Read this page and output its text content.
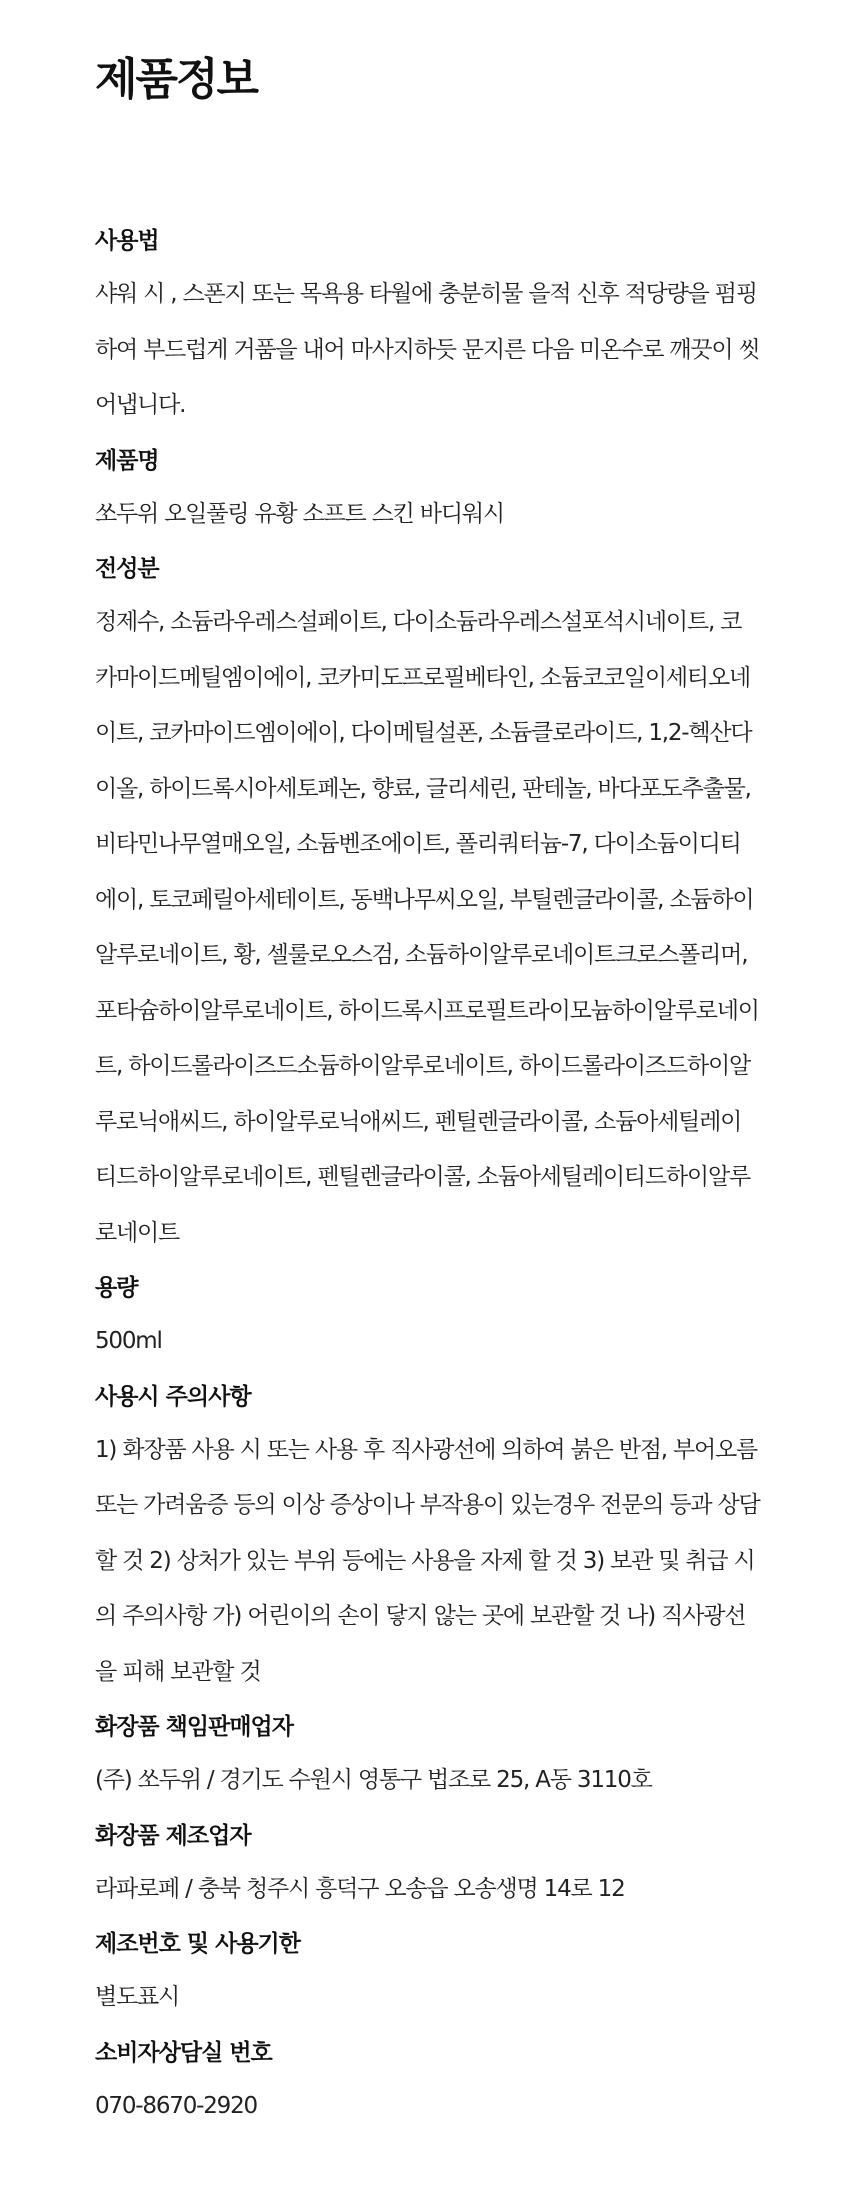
제품정보
사용법

샤워 시 , 스폰지 또는 목욕용 타월에 충분히물 을적 신후 적당량을 펌핑하여 부드럽게 거품을 내어 마사지하듯 문지른 다음 미온수로 깨끗이 씻어냅니다.

제품명

쏘두위 오일풀링 유황 소프트 스킨 바디워시

전성분

정제수, 소듐라우레스설페이트, 다이소듐라우레스설포석시네이트, 코카마이드메틸엠이에이, 코카미도프로필베타인, 소듐코코일이세티오네이트, 코카마이드엠이에이, 다이메틸설폰, 소듐클로라이드, 1,2-헥산다이올, 하이드록시아세토페논, 향료, 글리세린, 판테놀, 바다포도추출물, 비타민나무열매오일, 소듐벤조에이트, 폴리쿼터늄-7, 다이소듐이디티에이, 토코페릴아세테이트, 동백나무씨오일, 부틸렌글라이콜, 소듐하이알루로네이트, 황, 셀룰로오스검, 소듐하이알루로네이트크로스폴리머, 포타슘하이알루로네이트, 하이드록시프로필트라이모늄하이알루로네이트, 하이드롤라이즈드소듐하이알루로네이트, 하이드롤라이즈드하이알루로닉애씨드, 하이알루로닉애씨드, 펜틸렌글라이콜, 소듐아세틸레이티드하이알루로네이트, 펜틸렌글라이콜, 소듐아세틸레이티드하이알루로네이트

용량

500ml

사용시 주의사항

1) 화장품 사용 시 또는 사용 후 직사광선에 의하여 붉은 반점, 부어오름 또는 가려움증 등의 이상 증상이나 부작용이 있는경우 전문의 등과 상담할 것 2) 상처가 있는 부위 등에는 사용을 자제 할 것 3) 보관 및 취급 시의 주의사항 가) 어린이의 손이 닿지 않는 곳에 보관할 것 나) 직사광선을 피해 보관할 것

화장품 책임판매업자

(주) 쏘두위 / 경기도 수원시 영통구 법조로 25, A동 3110호

화장품 제조업자

라파로페 / 충북 청주시 흥덕구 오송읍 오송생명 14로 12

제조번호 및 사용기한

별도표시

소비자상담실 번호

070-8670-2920
